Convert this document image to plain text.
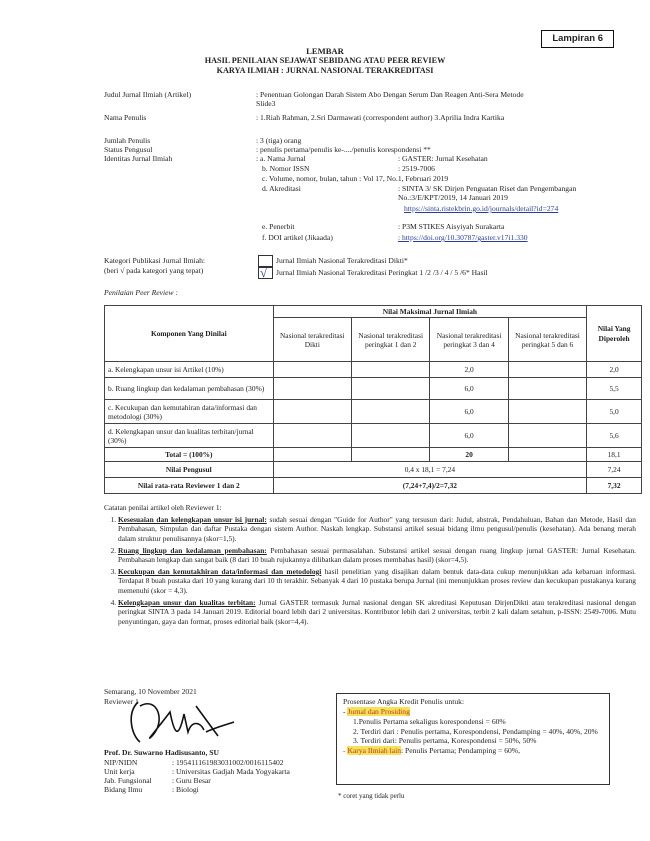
Lampiran 6
LEMBAR
HASIL PENILAIAN SEJAWAT SEBIDANG ATAU PEER REVIEW
KARYA ILMIAH : JURNAL NASIONAL TERAKREDITASI
Judul Jurnal Ilmiah (Artikel)	: Penentuan Golongan Darah Sistem Abo Dengan Serum Dan Reagen Anti-Sera Metode Slide3
Nama Penulis	: 1.Riah Rahman, 2.Sri Darmawati (correspondent author) 3.Aprilia Indra Kartika
Jumlah Penulis	: 3 (tiga) orang
Status Pengusul	: penulis pertama/penulis ke-..../penulis korespondensi **
Identitas Jurnal Ilmiah	: a. Nama Jurnal	: GASTER: Jurnal Kesehatan
b. Nomor ISSN	: 2519-7006
c. Volume, nomor, bulan, tahun : Vol 17, No.1, Februari 2019
d. Akreditasi	: SINTA 3/ SK Dirjen Penguatan Riset dan Pengembangan No.:3/E/KPT/2019, 14 Januari 2019
https://sinta.ristekbrin.go.id/journals/detail?id=274
e. Penerbit	: P3M STIKES Aisyiyah Surakarta
f. DOI artikel (Jikaada)	: https://doi.org/10.30787/gaster.v17i1.330
Kategori Publikasi Jurnal Ilmiah:
(beri √ pada kategori yang tepat)	√
Jurnal Ilmiah Nasional Terakreditasi Dikti*
Jurnal Ilmiah Nasional Terakreditasi Peringkat 1 /2 /3 / 4 / 5 /6* Hasil
Penilaian Peer Review :
Komponen Yang Dinilai	Nilai Maksimal Jurnal Ilmiah				Nilai Yang Diperoleh
	Nasional terakreditasi Dikti	Nasional terakreditasi peringkat 1 dan 2	Nasional terakreditasi peringkat 3 dan 4	Nasional terakreditasi peringkat 5 dan 6	
a. Kelengkapan unsur isi Artikel (10%)			2,0		2,0
b. Ruang lingkup dan kedalaman pembahasan (30%)			6,0		5,5
c. Kecukupan dan kemutahiran data/informasi dan metodologi (30%)			6,0		5,0
d. Kelengkapan unsur dan kualitas terbitan/jurnal (30%)			6,0		5,6
Total = (100%)			20		18,1
Nilai Pengusul	0,4 x 18,1 = 7,24				7,24
Nilai rata-rata Reviewer 1 dan 2	(7,24+7,4)/2=7,32				7,32
Catatan penilai artikel oleh Reviewer 1:
1. Kesesuaian dan kelengkapan unsur isi jurnal: sudah sesuai dengan "Guide for Author" yang tersusun dari: Judul, abstrak, Pendahuluan, Bahan dan Metode, Hasil dan Pembahasan, Simpulan dan daftar Pustaka dengan sistem Author. Naskah lengkap. Substansi artikel sesuai bidang ilmu pengusul/penulis (kesehatan). Ada benang merah dalam struktur penulisannya (skor=1,5).
2. Ruang lingkup dan kedalaman pembahasan: Pembahasan sesuai permasalahan. Substansi artikel sesuai dengan ruang lingkup jurnal GASTER: Jurnal Kesehatan. Pembahasan lengkap dan sangat baik (8 dari 10 buah rujukannya dilibatkan dalam proses membahas hasil) (skor=4,5).
3. Kecukupan dan kemutakhiran data/informasi dan metodologi hasil penelitian yang disajikan dalam bentuk data-data cukup menunjukkan ada kebaruan informasi. Terdapat 8 buah pustaka dari 10 yang kurang dari 10 th terakhir. Sebanyak 4 dari 10 pustaka berupa Jurnal (ini menunjukkan proses review dan kecukupan pustakanya kurang memenuhi (skor = 4,3).
4. Kelengkapan unsur dan kualitas terbitan: Jurnal GASTER termasuk Jurnal nasional dengan SK akreditasi Keputusan DirjenDikti atau terakreditasi nasional dengan peringkat SINTA 3 pada 14 Januari 2019. Editorial board lebih dari 2 universitas. Kontributor lebih dari 2 universitas, terbit 2 kali dalam setahun, p-ISSN: 2549-7006. Mutu penyuntingan, gaya dan format, proses editorial baik (skor=4,4).
Semarang, 10 November 2021
Reviewer 1
Prof. Dr. Suwarno Hadisusanto, SU
NIP/NIDN	: 195411161983031002/0016115402
Unit kerja	: Universitas Gadjah Mada Yogyakarta
Jab. Fungsional	: Guru Besar
Bidang Ilmu	: Biologi
Prosentase Angka Kredit Penulis untuk:
- Jurnal dan Prosiding
1.Penulis Pertama sekaligus korespondensi = 60%
2. Terdiri dari : Penulis pertama, Korespondensi, Pendamping = 40%, 40%, 20%
3. Terdiri dari: Penulis pertama, Korespondensi = 50%, 50%
- Karya Ilmiah lain: Penulis Pertama; Pendamping = 60%,
* coret yang tidak perlu
